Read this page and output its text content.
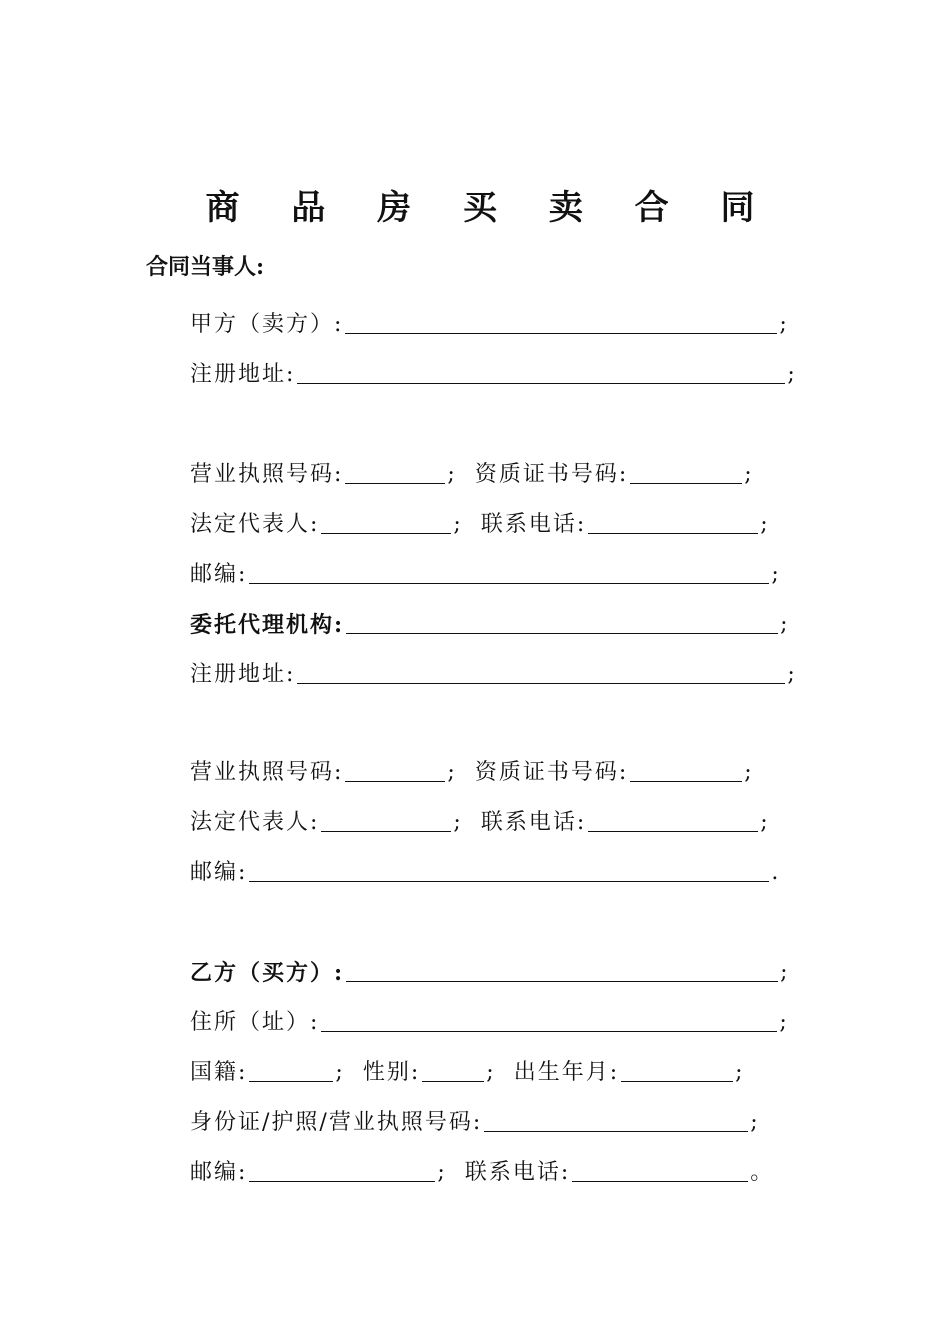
商 品 房 买 卖 合 同
合同当事人:
甲方（卖方）:	;
注册地址:	;
营业执照号码:	; 资质证书号码:	;
法定代表人:	; 联系电话:	;
邮编:	;
委托代理机构:	;
注册地址:	;
营业执照号码:	; 资质证书号码:	;
法定代表人:	; 联系电话:	;
邮编:	.
乙方（买方）:	;
住所（址）:	;
国籍:	; 性别:	; 出生年月:	;
身份证/护照/营业执照号码:	;
邮编:	; 联系电话:	。
